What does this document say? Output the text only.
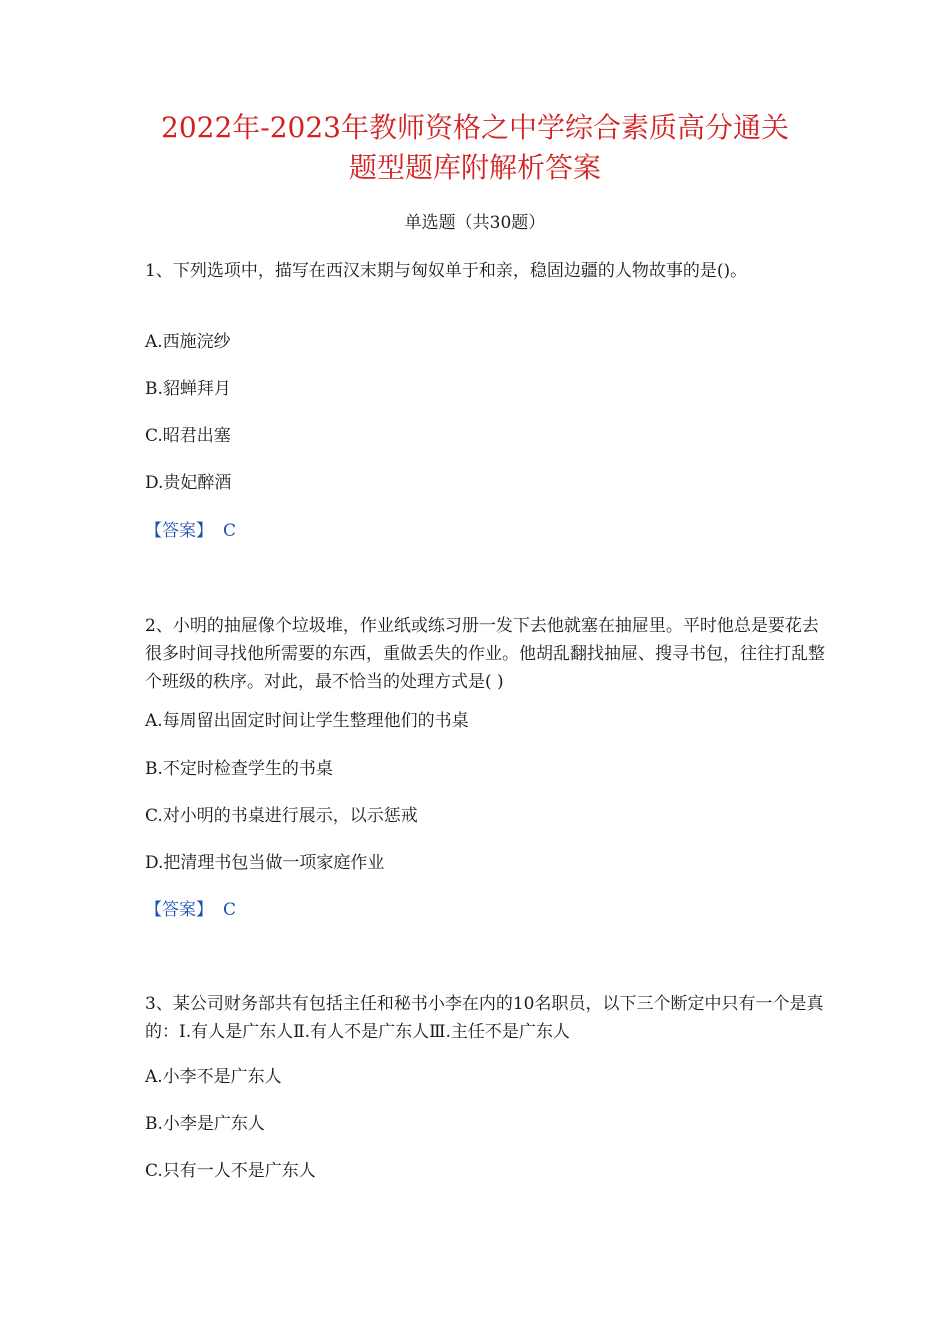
2022年-2023年教师资格之中学综合素质高分通关
题型题库附解析答案
单选题（共30题）

1、下列选项中，描写在西汉末期与匈奴单于和亲，稳固边疆的人物故事的是()。

A.西施浣纱
B.貂蝉拜月
C.昭君出塞
D.贵妃醉酒
【答案】 C

2、小明的抽屉像个垃圾堆，作业纸或练习册一发下去他就塞在抽屉里。平时他总是要花去很多时间寻找他所需要的东西，重做丢失的作业。他胡乱翻找抽屉、搜寻书包，往往打乱整个班级的秩序。对此，最不恰当的处理方式是( )

A.每周留出固定时间让学生整理他们的书桌
B.不定时检查学生的书桌
C.对小明的书桌进行展示，以示惩戒
D.把清理书包当做一项家庭作业
【答案】 C

3、某公司财务部共有包括主任和秘书小李在内的10名职员，以下三个断定中只有一个是真的：Ⅰ.有人是广东人Ⅱ.有人不是广东人Ⅲ.主任不是广东人

A.小李不是广东人
B.小李是广东人
C.只有一人不是广东人
